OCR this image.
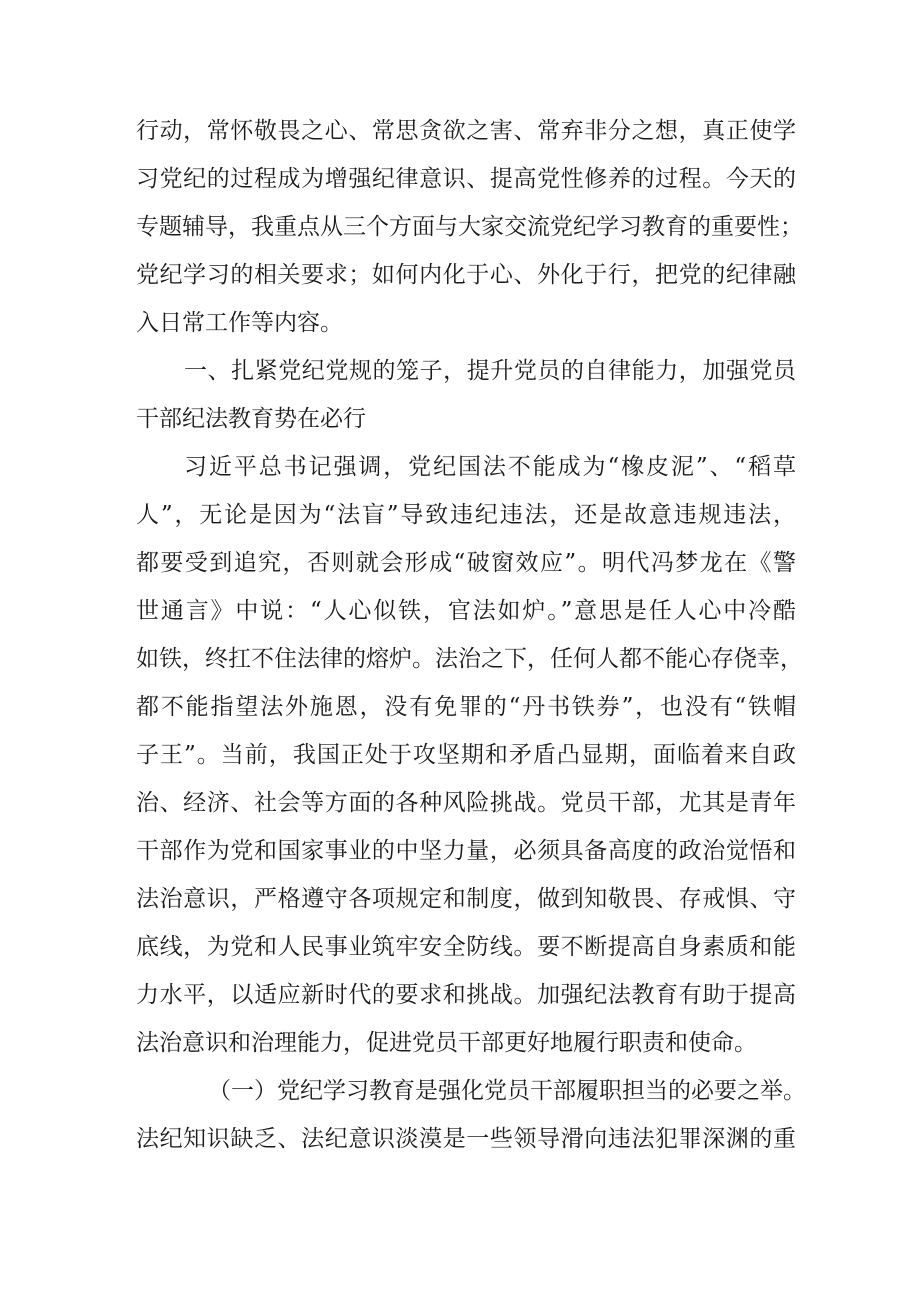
行动，常怀敬畏之心、常思贪欲之害、常弃非分之想，真正使学
习党纪的过程成为增强纪律意识、提高党性修养的过程。今天的
专题辅导，我重点从三个方面与大家交流党纪学习教育的重要性；
党纪学习的相关要求；如何内化于心、外化于行，把党的纪律融
入日常工作等内容。
一、扎紧党纪党规的笼子，提升党员的自律能力，加强党员
干部纪法教育势在必行
习近平总书记强调，党纪国法不能成为“橡皮泥”、“稻草
人”，无论是因为“法盲”导致违纪违法，还是故意违规违法，
都要受到追究，否则就会形成“破窗效应”。明代冯梦龙在《警
世通言》中说：“人心似铁，官法如炉。”意思是任人心中冷酷
如铁，终扛不住法律的熔炉。法治之下，任何人都不能心存侥幸，
都不能指望法外施恩，没有免罪的“丹书铁券”，也没有“铁帽
子王”。当前，我国正处于攻坚期和矛盾凸显期，面临着来自政
治、经济、社会等方面的各种风险挑战。党员干部，尤其是青年
干部作为党和国家事业的中坚力量，必须具备高度的政治觉悟和
法治意识，严格遵守各项规定和制度，做到知敬畏、存戒惧、守
底线，为党和人民事业筑牢安全防线。要不断提高自身素质和能
力水平，以适应新时代的要求和挑战。加强纪法教育有助于提高
法治意识和治理能力，促进党员干部更好地履行职责和使命。
（一）党纪学习教育是强化党员干部履职担当的必要之举。
法纪知识缺乏、法纪意识淡漠是一些领导滑向违法犯罪深渊的重
